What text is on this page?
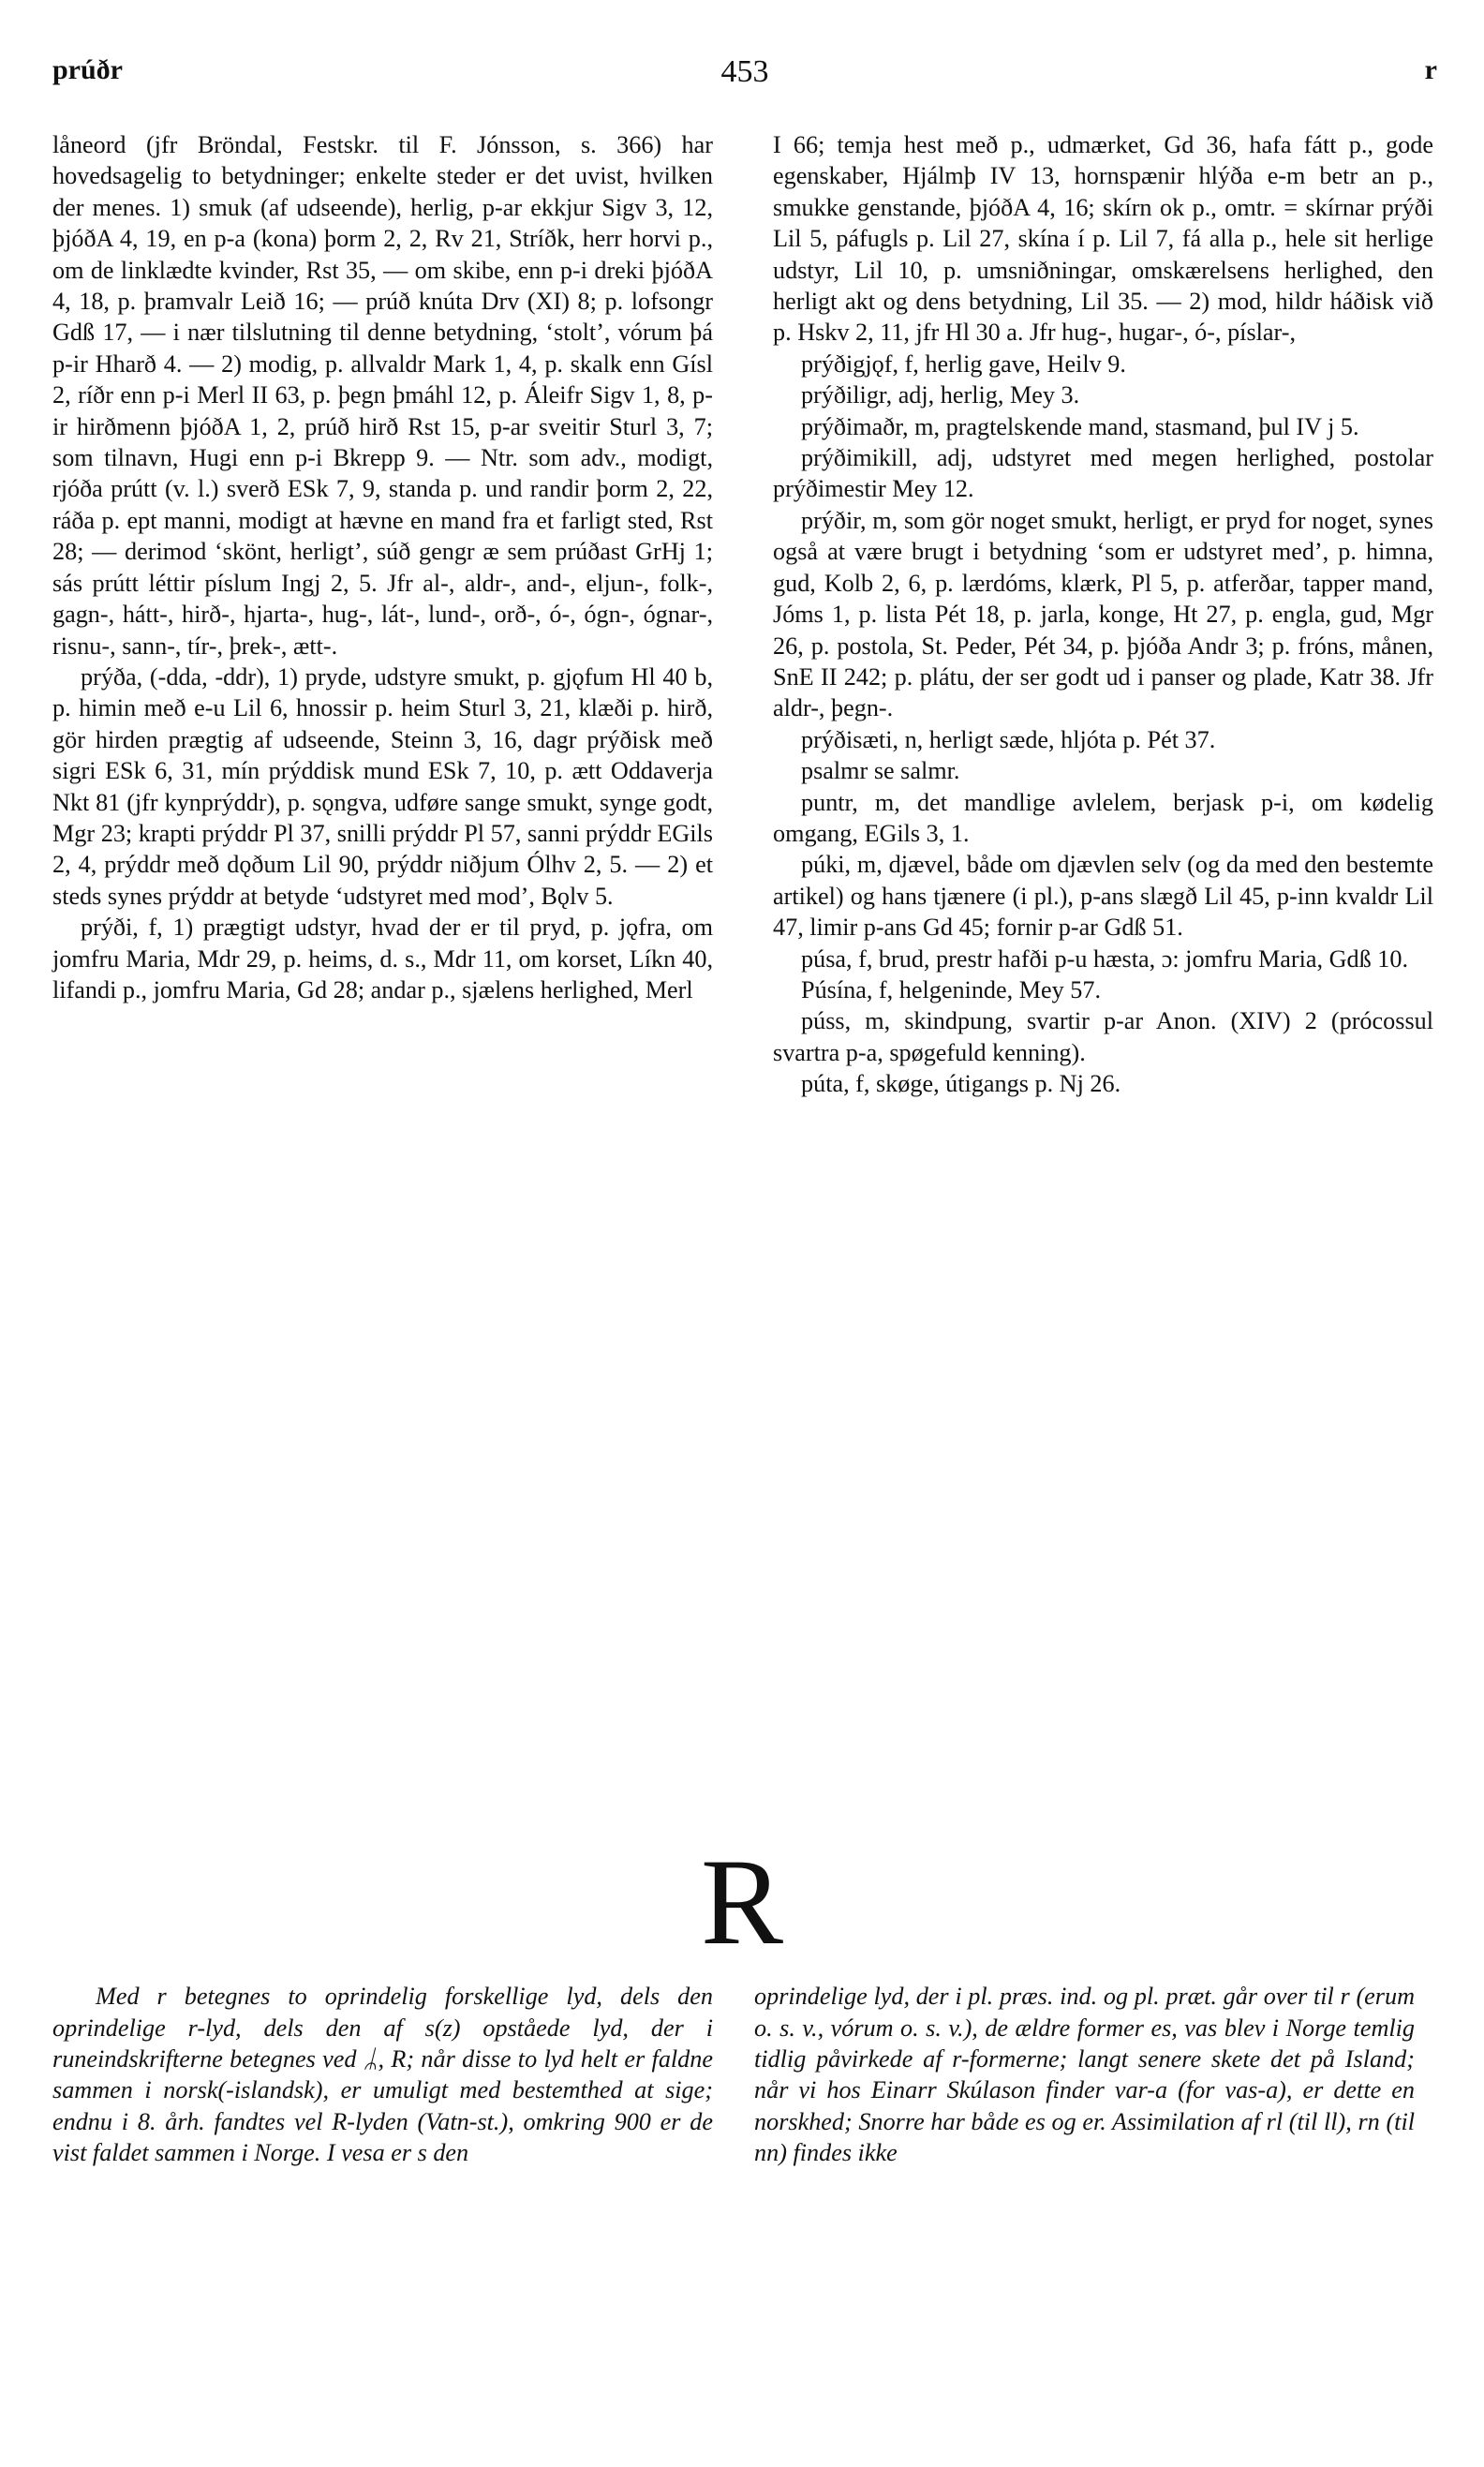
prúðr	453	r

låneord (jfr Bröndal, Festskr. til F. Jónsson, s. 366) har hovedsagelig to betydninger; enkelte steder er det uvist, hvilken der menes. 1) smuk (af udseende), herlig, p-ar ekkjur Sigv 3, 12, þjóðA 4, 19, en p-a (kona) þorm 2, 2, Rv 21, Stríðk, herr horvi p., om de linklædte kvinder, Rst 35, — om skibe, enn p-i dreki þjóðA 4, 18, p. þramvalr Leið 16; — prúð knúta Drv (XI) 8; p. lofsongr Gdß 17, — i nær tilslutning til denne betydning, ‘stolt’, vórum þá p-ir Hharð 4. — 2) modig, p. allvaldr Mark 1, 4, p. skalk enn Gísl 2, ríðr enn p-i Merl II 63, p. þegn þmáhl 12, p. Áleifr Sigv 1, 8, p-ir hirðmenn þjóðA 1, 2, prúð hirð Rst 15, p-ar sveitir Sturl 3, 7; som tilnavn, Hugi enn p-i Bkrepp 9. — Ntr. som adv., modigt, rjóða prútt (v. l.) sverð ESk 7, 9, standa p. und randir þorm 2, 22, ráða p. ept manni, modigt at hævne en mand fra et farligt sted, Rst 28; — derimod ‘skönt, herligt’, súð gengr æ sem prúðast GrHj 1; sás prútt léttir píslum Ingj 2, 5. Jfr al-, aldr-, and-, eljun-, folk-, gagn-, hátt-, hirð-, hjarta-, hug-, lát-, lund-, orð-, ó-, ógn-, ógnar-, risnu-, sann-, tír-, þrek-, ætt-.

prýða, (-dda, -ddr), 1) pryde, udstyre smukt, p. gjǫfum Hl 40 b, p. himin með e-u Lil 6, hnossir p. heim Sturl 3, 21, klæði p. hirð, gör hirden prægtig af udseende, Steinn 3, 16, dagr prýðisk með sigri ESk 6, 31, mín prýddisk mund ESk 7, 10, p. ætt Oddaverja Nkt 81 (jfr kynprýddr), p. sǫngva, udføre sange smukt, synge godt, Mgr 23; krapti prýddr Pl 37, snilli prýddr Pl 57, sanni prýddr EGils 2, 4, prýddr með dǫðum Lil 90, prýddr niðjum Ólhv 2, 5. — 2) et steds synes prýddr at betyde ‘udstyret med mod’, Bǫlv 5.

prýði, f, 1) prægtigt udstyr, hvad der er til pryd, p. jǫfra, om jomfru Maria, Mdr 29, p. heims, d. s., Mdr 11, om korset, Líkn 40, lifandi p., jomfru Maria, Gd 28; andar p., sjælens herlighed, Merl

I 66; temja hest með p., udmærket, Gd 36, hafa fátt p., gode egenskaber, Hjálmþ IV 13, hornspænir hlýða e-m betr an p., smukke genstande, þjóðA 4, 16; skírn ok p., omtr. = skírnar prýði Lil 5, páfugls p. Lil 27, skína í p. Lil 7, fá alla p., hele sit herlige udstyr, Lil 10, p. umsniðningar, omskærelsens herlighed, den herligt akt og dens betydning, Lil 35. — 2) mod, hildr háðisk við p. Hskv 2, 11, jfr Hl 30 a. Jfr hug-, hugar-, ó-, píslar-,

prýðigjǫf, f, herlig gave, Heilv 9.

prýðiligr, adj, herlig, Mey 3.

prýðimaðr, m, pragtelskende mand, stasmand, þul IV j 5.

prýðimikill, adj, udstyret med megen herlighed, postolar prýðimestir Mey 12.

prýðir, m, som gör noget smukt, herligt, er pryd for noget, synes også at være brugt i betydning ‘som er udstyret med’, p. himna, gud, Kolb 2, 6, p. lærdóms, klærk, Pl 5, p. atferðar, tapper mand, Jóms 1, p. lista Pét 18, p. jarla, konge, Ht 27, p. engla, gud, Mgr 26, p. postola, St. Peder, Pét 34, p. þjóða Andr 3; p. fróns, månen, SnE II 242; p. plátu, der ser godt ud i panser og plade, Katr 38. Jfr aldr-, þegn-.

prýðisæti, n, herligt sæde, hljóta p. Pét 37.

psalmr se salmr.

puntr, m, det mandlige avlelem, berjask p-i, om kødelig omgang, EGils 3, 1.

púki, m, djævel, både om djævlen selv (og da med den bestemte artikel) og hans tjænere (i pl.), p-ans slægð Lil 45, p-inn kvaldr Lil 47, limir p-ans Gd 45; fornir p-ar Gdß 51.

púsa, f, brud, prestr hafði p-u hæsta, ɔ: jomfru Maria, Gdß 10.

Púsína, f, helgeninde, Mey 57.

púss, m, skindpung, svartir p-ar Anon. (XIV) 2 (prócossul svartra p-a, spøgefuld kenning).

púta, f, skøge, útigangs p. Nj 26.

R

Med r betegnes to oprindelig forskellige lyd, dels den oprindelige r-lyd, dels den af s(z) opståede lyd, der i runeindskrifterne betegnes ved ᛦ, R; når disse to lyd helt er faldne sammen i norsk(-islandsk), er umuligt med bestemthed at sige; endnu i 8. årh. fandtes vel R-lyden (Vatn-st.), omkring 900 er de vist faldet sammen i Norge. I vesa er s den

oprindelige lyd, der i pl. præs. ind. og pl. præt. går over til r (erum o. s. v., vórum o. s. v.), de ældre former es, vas blev i Norge temlig tidlig påvirkede af r-formerne; langt senere skete det på Island; når vi hos Einarr Skúlason finder var-a (for vas-a), er dette en norskhed; Snorre har både es og er. Assimilation af rl (til ll), rn (til nn) findes ikke
